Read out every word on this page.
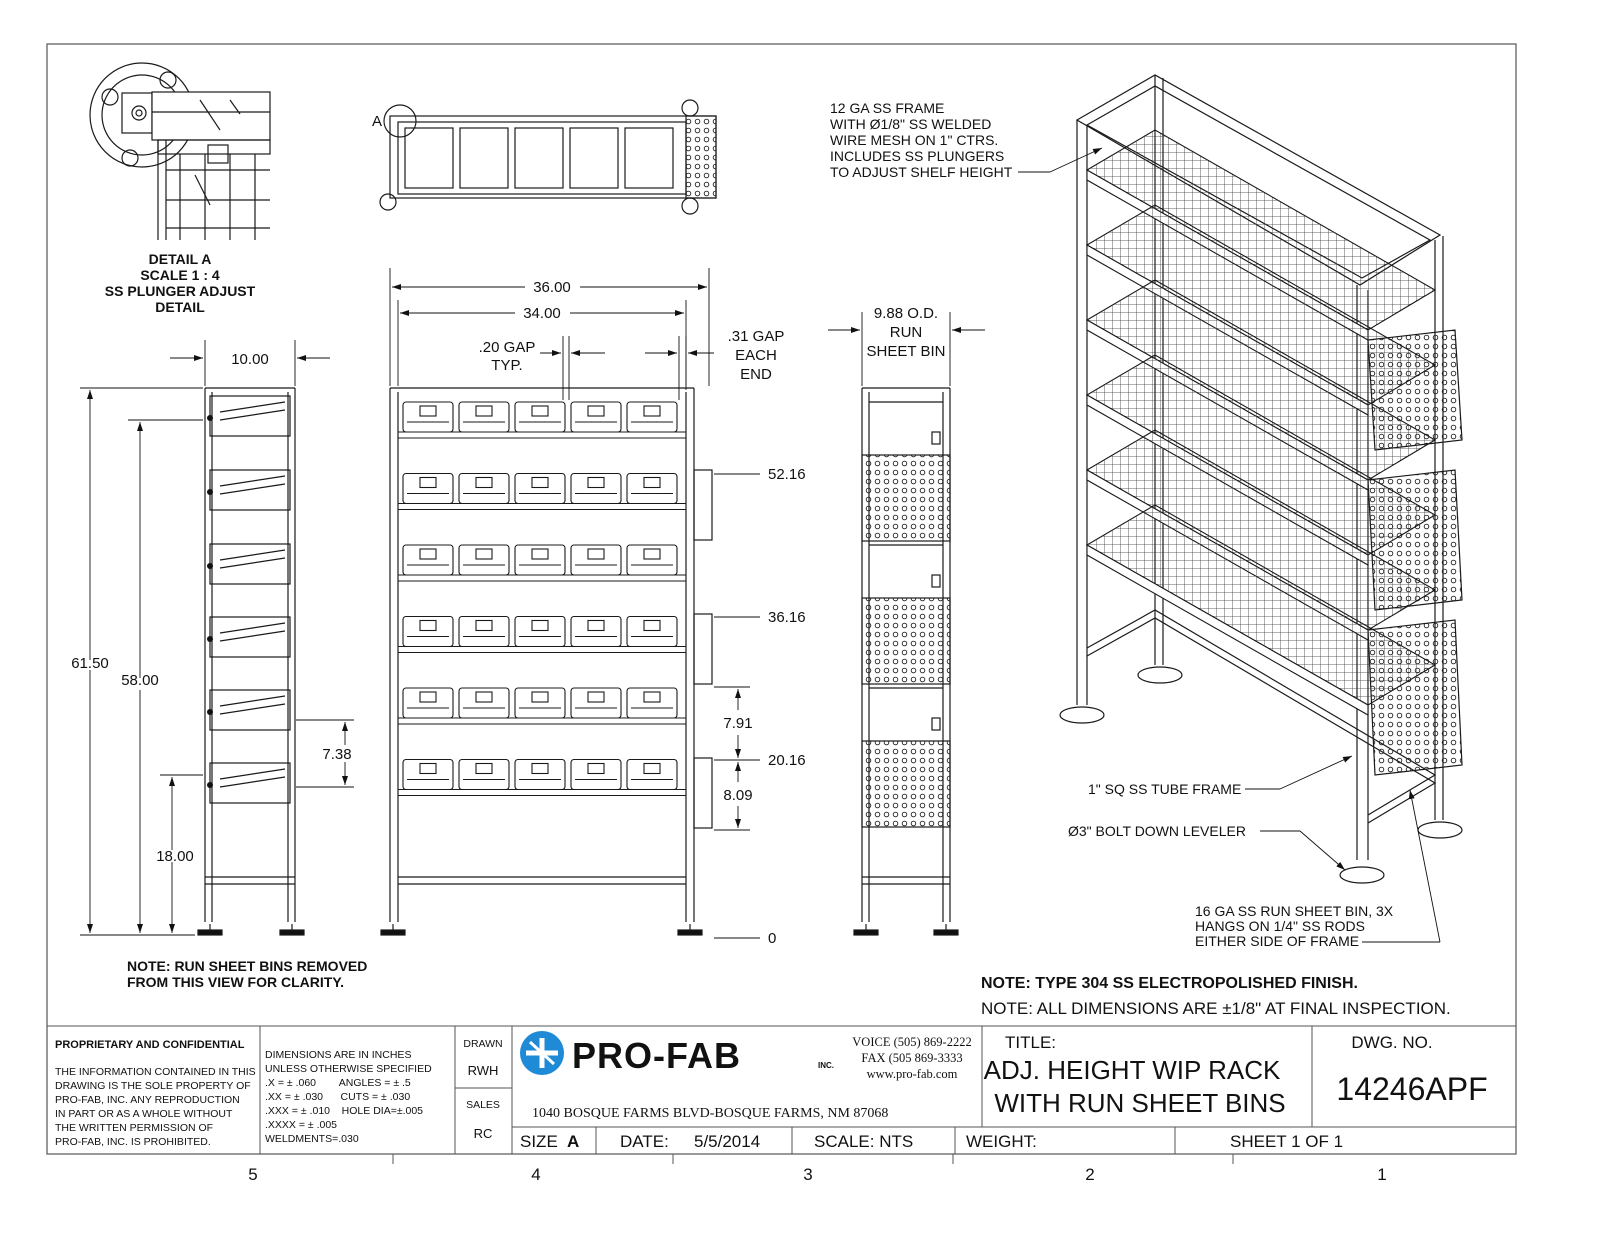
DETAIL A
SCALE 1 : 4
SS PLUNGER ADJUST
DETAIL
A
10.00
61.50
58.00
7.38
18.00
NOTE: RUN SHEET BINS REMOVED
FROM THIS VIEW FOR CLARITY.
36.00
34.00
.20 GAP
TYP.
.31 GAP
EACH
END
52.16
36.16
20.16
0
7.91
8.09
9.88 O.D.
RUN
SHEET BIN
12 GA SS FRAME
WITH Ø1/8" SS WELDED
WIRE MESH ON 1" CTRS.
INCLUDES SS PLUNGERS
TO ADJUST SHELF HEIGHT
1" SQ SS TUBE FRAME
Ø3" BOLT DOWN LEVELER
16 GA SS RUN SHEET BIN, 3X
HANGS ON 1/4" SS RODS
EITHER SIDE OF FRAME
NOTE: TYPE 304 SS ELECTROPOLISHED FINISH.
NOTE: ALL DIMENSIONS ARE ±1/8" AT FINAL INSPECTION.
PROPRIETARY AND CONFIDENTIAL
THE INFORMATION CONTAINED IN THIS
DRAWING IS THE SOLE PROPERTY OF
PRO-FAB, INC. ANY REPRODUCTION
IN PART OR AS A WHOLE WITHOUT
THE WRITTEN PERMISSION OF
PRO-FAB, INC. IS PROHIBITED.
DIMENSIONS ARE IN INCHES
UNLESS OTHERWISE SPECIFIED
.X = ± .060        ANGLES = ± .5
.XX = ± .030      CUTS = ± .030
.XXX = ± .010    HOLE DIA=±.005
.XXXX = ± .005
WELDMENTS=.030
DRAWN
RWH
SALES
RC
PRO-FAB	INC.
VOICE (505) 869-2222
FAX (505 869-3333
www.pro-fab.com
1040 BOSQUE FARMS BLVD-BOSQUE FARMS, NM 87068
TITLE:
ADJ. HEIGHT WIP RACK
WITH RUN SHEET BINS
DWG. NO.
14246APF
SIZE A DATE: 5/5/2014	SCALE: NTS	WEIGHT:	SHEET 1 OF 1
5	4	3	2	1
